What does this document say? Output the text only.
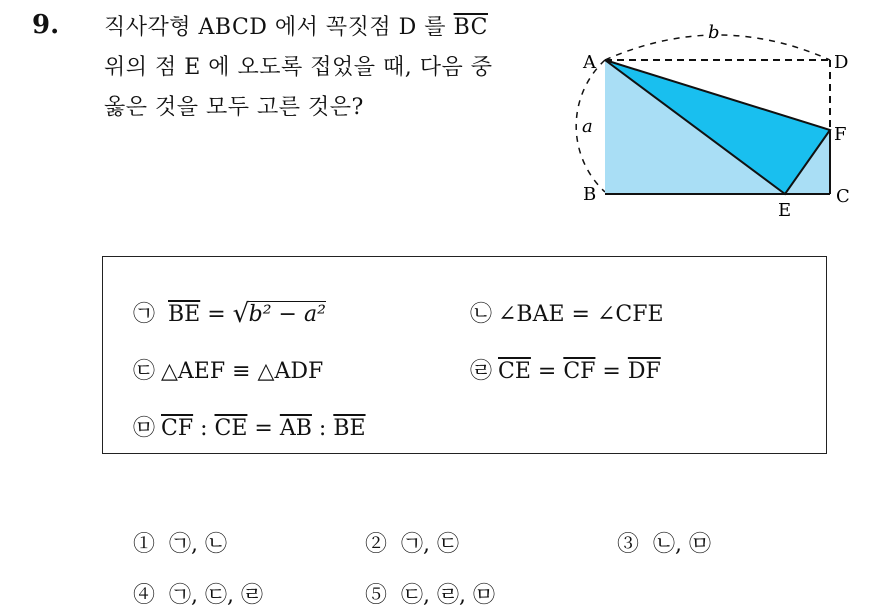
9. 직사각형 ABCD 에서 꼭짓점 D 를 $\overline{BC}$
위의 점 E 에 오도록 접었을 때, 다음 중
옳은 것을 모두 고른 것은?
A
B	C
D
E
F
a
b
㉠ $\overline{BE}$ = √ b² − a²	㉡ ∠BAE = ∠CFE
㉢ △AEF ≡ △ADF	㉣ $\overline{CE} = \overline{CF} = \overline{DF}$
㉤ $\overline{CF}$ : $\overline{CE} = \overline{AB}$ : $\overline{BE}$
① ㉠, ㉡	② ㉠, ㉢	③ ㉡, ㉤
④ ㉠, ㉢, ㉣	⑤ ㉢, ㉣, ㉤
